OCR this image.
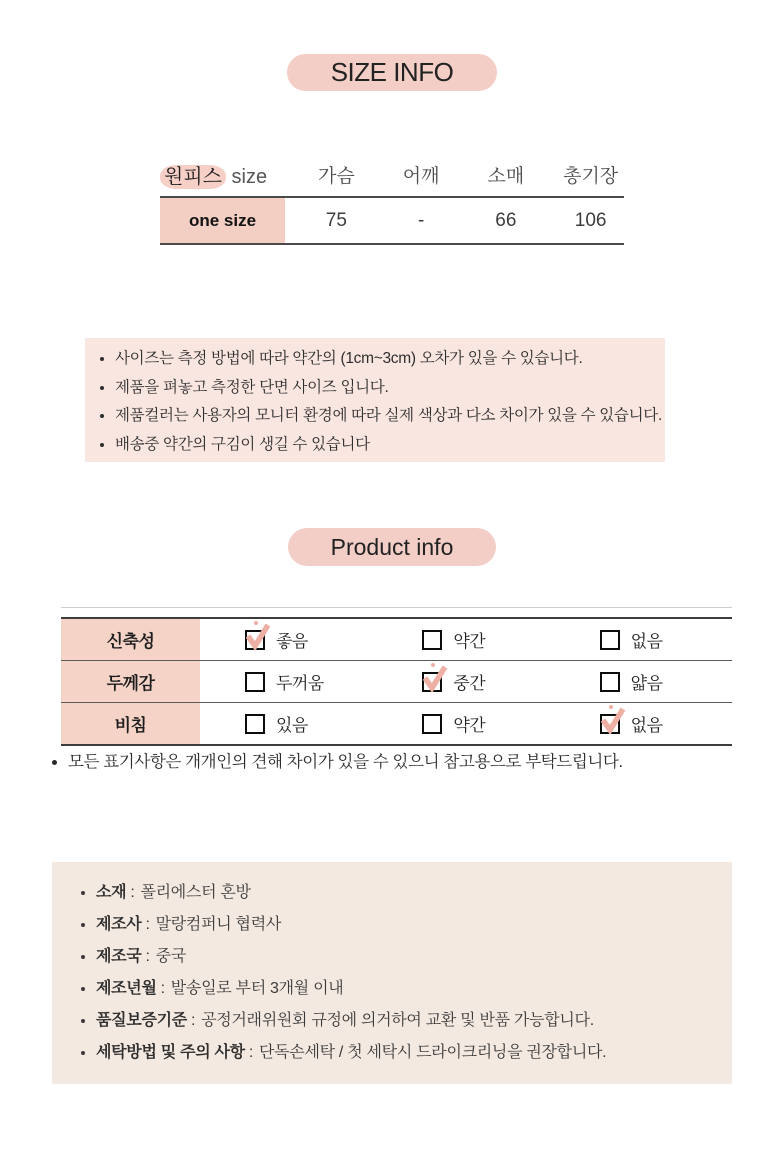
SIZE INFO
원피스 size	가슴	어깨	소매	총기장
one size	75	-	66	106
• 사이즈는 측정 방법에 따라 약간의 (1cm~3cm) 오차가 있을 수 있습니다.
• 제품을 펴놓고 측정한 단면 사이즈 입니다.
• 제품컬러는 사용자의 모니터 환경에 따라 실제 색상과 다소 차이가 있을 수 있습니다.
• 배송중 약간의 구김이 생길 수 있습니다
Product info
신축성	좋음	약간	없음
두께감	두꺼움	중간	얇음
비침	있음	약간	없음
• 모든 표기사항은 개개인의 견해 차이가 있을 수 있으니 참고용으로 부탁드립니다.
• 소재 : 폴리에스터 혼방
• 제조사 : 말랑컴퍼니 협력사
• 제조국 : 중국
• 제조년월 : 발송일로 부터 3개월 이내
• 품질보증기준 : 공정거래위원회 규정에 의거하여 교환 및 반품 가능합니다.
• 세탁방법 및 주의 사항 : 단독손세탁 / 첫 세탁시 드라이크리닝을 권장합니다.
